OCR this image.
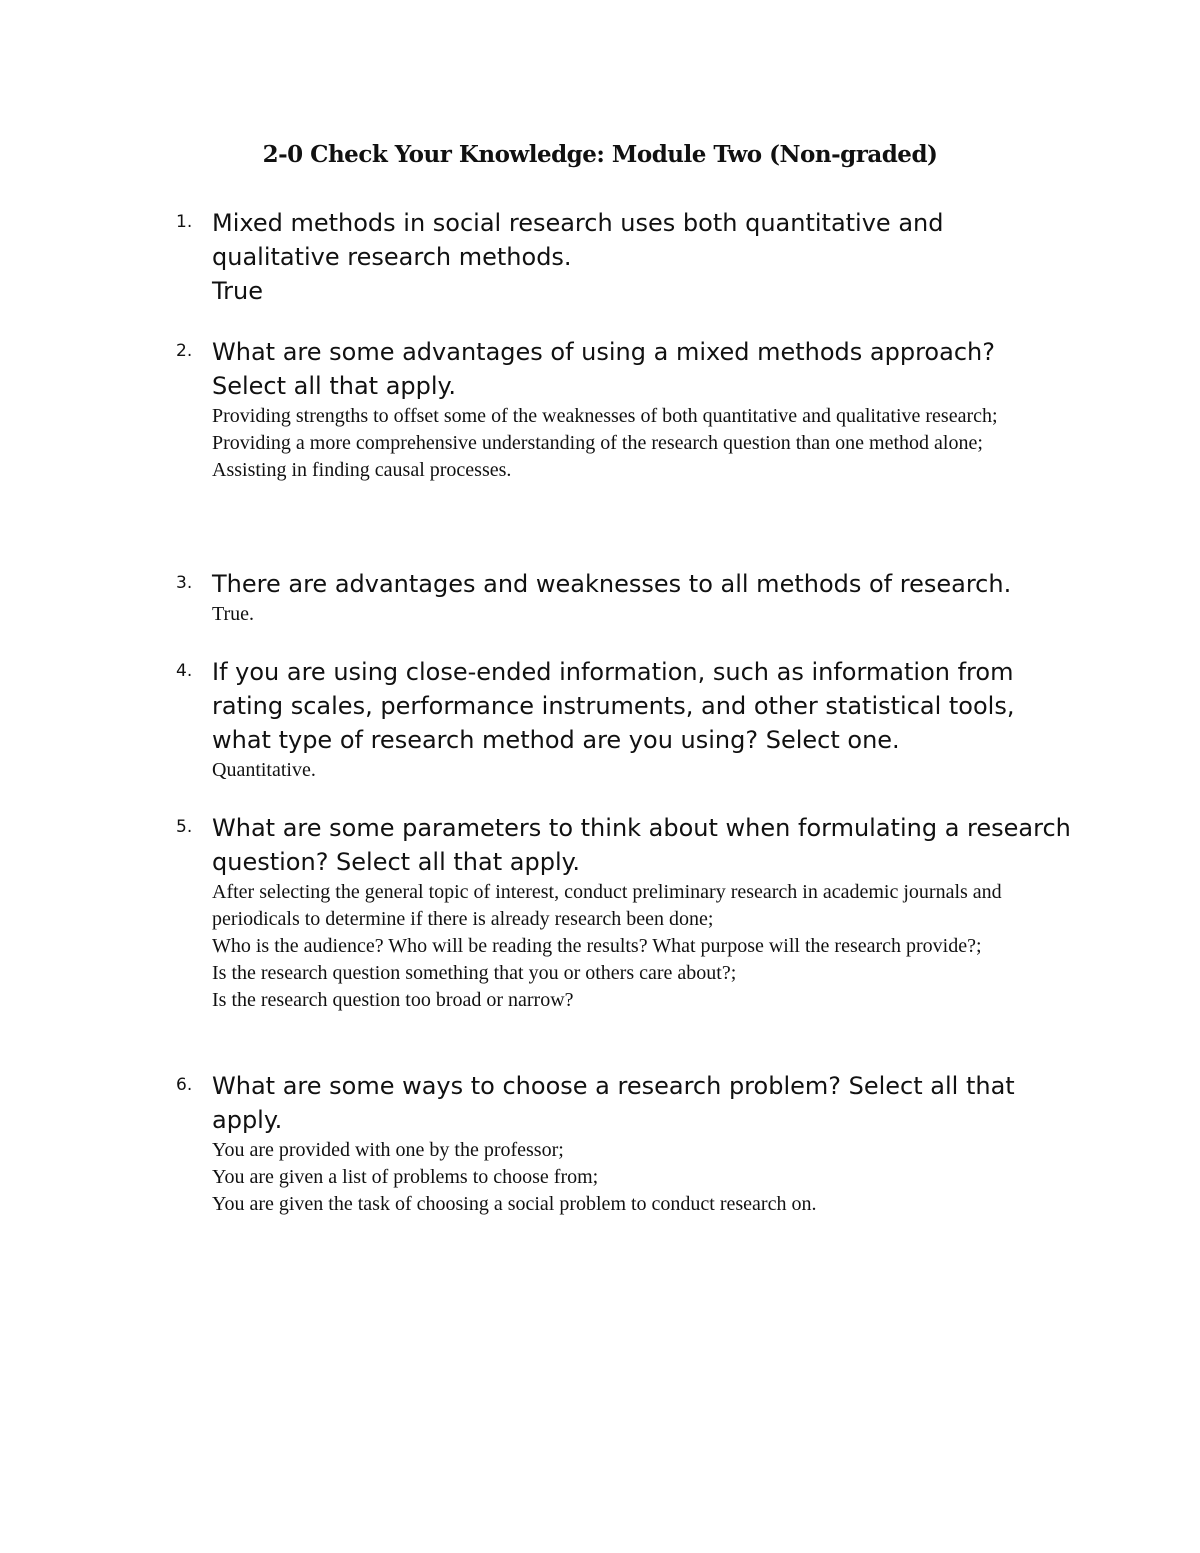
2-0 Check Your Knowledge: Module Two (Non-graded)
1. Mixed methods in social research uses both quantitative and qualitative research methods.
True
2. What are some advantages of using a mixed methods approach? Select all that apply.
Providing strengths to offset some of the weaknesses of both quantitative and qualitative research;
Providing a more comprehensive understanding of the research question than one method alone;
Assisting in finding causal processes.
3. There are advantages and weaknesses to all methods of research.
True.
4. If you are using close-ended information, such as information from rating scales, performance instruments, and other statistical tools, what type of research method are you using? Select one.
Quantitative.
5. What are some parameters to think about when formulating a research question? Select all that apply.
After selecting the general topic of interest, conduct preliminary research in academic journals and periodicals to determine if there is already research been done;
Who is the audience? Who will be reading the results? What purpose will the research provide?;
Is the research question something that you or others care about?;
Is the research question too broad or narrow?
6. What are some ways to choose a research problem? Select all that apply.
You are provided with one by the professor;
You are given a list of problems to choose from;
You are given the task of choosing a social problem to conduct research on.
